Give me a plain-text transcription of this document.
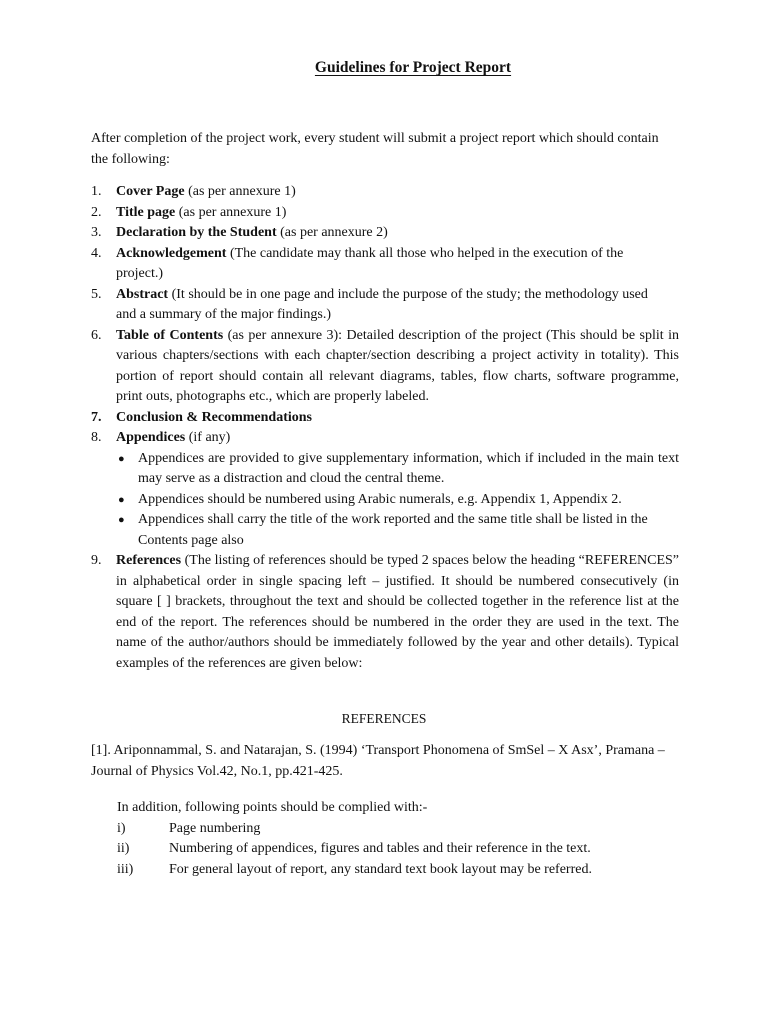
Guidelines for Project Report
After completion of the project work, every student will submit a project report which should contain the following:
1. Cover Page (as per annexure 1)
2. Title page (as per annexure 1)
3. Declaration by the Student (as per annexure 2)
4. Acknowledgement (The candidate may thank all those who helped in the execution of the project.)
5. Abstract (It should be in one page and include the purpose of the study; the methodology used and a summary of the major findings.)
6. Table of Contents (as per annexure 3): Detailed description of the project (This should be split in various chapters/sections with each chapter/section describing a project activity in totality). This portion of report should contain all relevant diagrams, tables, flow charts, software programme, print outs, photographs etc., which are properly labeled.
7. Conclusion & Recommendations
8. Appendices (if any)
● Appendices are provided to give supplementary information, which if included in the main text may serve as a distraction and cloud the central theme.
● Appendices should be numbered using Arabic numerals, e.g. Appendix 1, Appendix 2.
● Appendices shall carry the title of the work reported and the same title shall be listed in the Contents page also
9. References (The listing of references should be typed 2 spaces below the heading “REFERENCES” in alphabetical order in single spacing left – justified. It should be numbered consecutively (in square [ ] brackets, throughout the text and should be collected together in the reference list at the end of the report. The references should be numbered in the order they are used in the text. The name of the author/authors should be immediately followed by the year and other details). Typical examples of the references are given below:
REFERENCES
[1]. Ariponnammal, S. and Natarajan, S. (1994) ‘Transport Phonomena of SmSel – X Asx’, Pramana – Journal of Physics Vol.42, No.1, pp.421-425.
In addition, following points should be complied with:-
i)	Page numbering
ii)	Numbering of appendices, figures and tables and their reference in the text.
iii)	For general layout of report, any standard text book layout may be referred.
